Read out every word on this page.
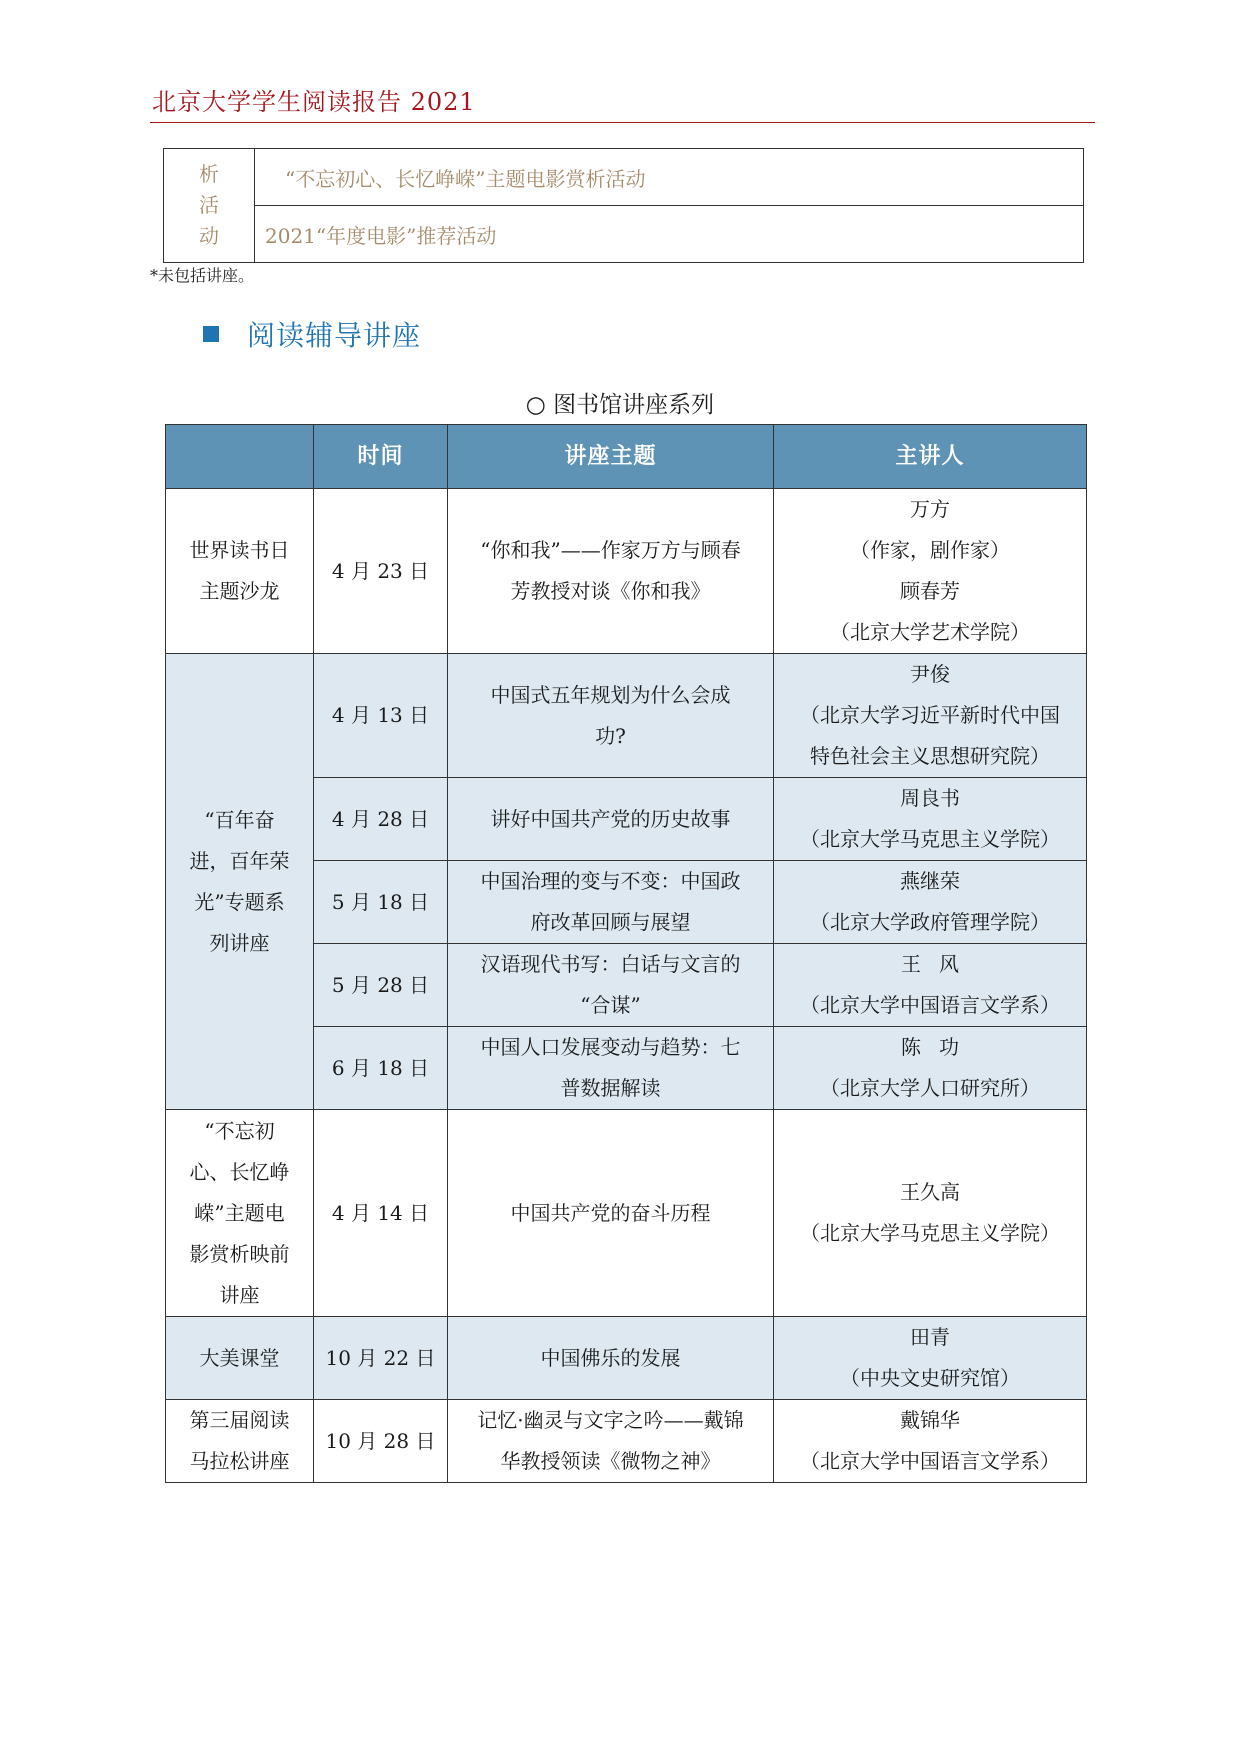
北京大学学生阅读报告 2021
析
活
动
	“不忘初心、长忆峥嵘”主题电影赏析活动
2021“年度电影”推荐活动
*未包括讲座。
阅读辅导讲座
○ 图书馆讲座系列
	时间	讲座主题	主讲人

世界读书日
主题沙龙	4 月 23 日	“你和我”——作家万方与顾春
芳教授对谈《你和我》	万方
（作家，剧作家）
顾春芳
（北京大学艺术学院）

“百年奋
进，百年荣
光”专题系
列讲座	4 月 13 日	中国式五年规划为什么会成
功?	尹俊
（北京大学习近平新时代中国
特色社会主义思想研究院）

	4 月 28 日	讲好中国共产党的历史故事	周良书
（北京大学马克思主义学院）

	5 月 18 日	中国治理的变与不变：中国政
府改革回顾与展望	燕继荣
（北京大学政府管理学院）

	5 月 28 日	汉语现代书写：白话与文言的
“合谋”	王风
（北京大学中国语言文学系）

	6 月 18 日	中国人口发展变动与趋势：七
普数据解读	陈功
（北京大学人口研究所）

“不忘初
心、长忆峥
嵘”主题电
影赏析映前
讲座	4 月 14 日	中国共产党的奋斗历程	王久高
（北京大学马克思主义学院）

大美课堂	10 月 22 日	中国佛乐的发展	田青
（中央文史研究馆）

第三届阅读
马拉松讲座	10 月 28 日	记忆·幽灵与文字之吟——戴锦
华教授领读《微物之神》	戴锦华
（北京大学中国语言文学系）
